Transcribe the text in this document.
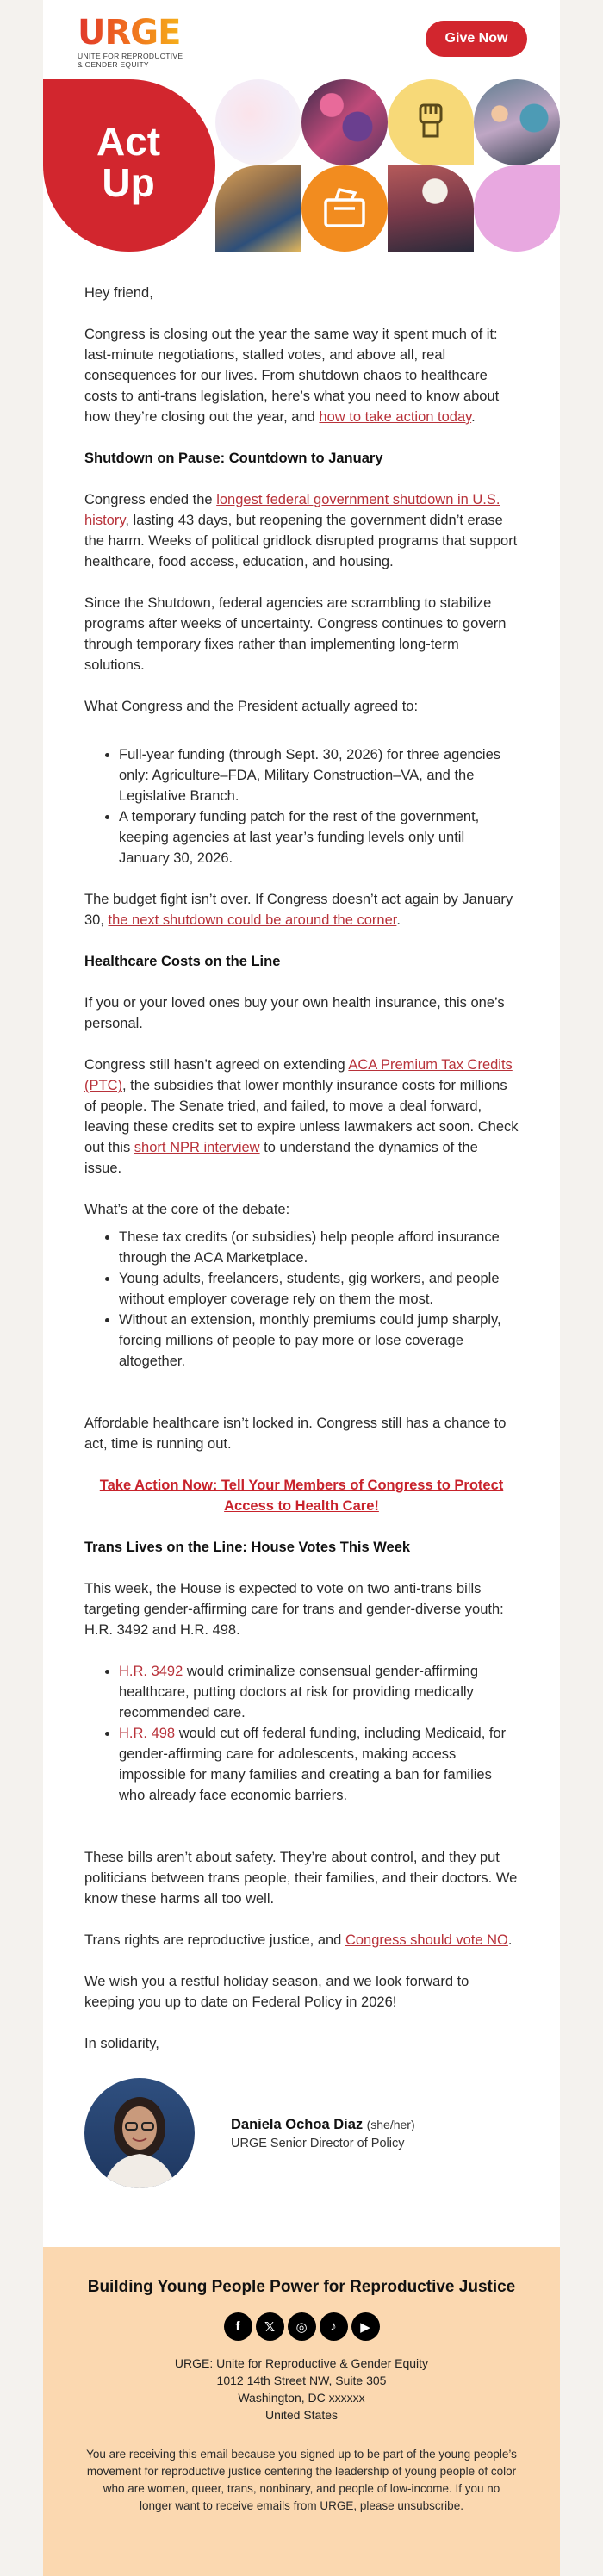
URGE
UNITE FOR REPRODUCTIVE
& GENDER EQUITY
Give Now
Act
Up
Hey friend,
Congress is closing out the year the same way it spent much of it: last-minute negotiations, stalled votes, and above all, real consequences for our lives. From shutdown chaos to healthcare costs to anti-trans legislation, here’s what you need to know about how they’re closing out the year, and how to take action today.
Shutdown on Pause: Countdown to January
Congress ended the longest federal government shutdown in U.S. history, lasting 43 days, but reopening the government didn’t erase the harm. Weeks of political gridlock disrupted programs that support healthcare, food access, education, and housing.
Since the Shutdown, federal agencies are scrambling to stabilize programs after weeks of uncertainty. Congress continues to govern through temporary fixes rather than implementing long-term solutions.
What Congress and the President actually agreed to:
• Full-year funding (through Sept. 30, 2026) for three agencies only: Agriculture–FDA, Military Construction–VA, and the Legislative Branch.
• A temporary funding patch for the rest of the government, keeping agencies at last year’s funding levels only until January 30, 2026.
The budget fight isn’t over. If Congress doesn’t act again by January 30, the next shutdown could be around the corner.
Healthcare Costs on the Line
If you or your loved ones buy your own health insurance, this one’s personal.
Congress still hasn’t agreed on extending ACA Premium Tax Credits (PTC), the subsidies that lower monthly insurance costs for millions of people. The Senate tried, and failed, to move a deal forward, leaving these credits set to expire unless lawmakers act soon. Check out this short NPR interview to understand the dynamics of the issue.
What’s at the core of the debate:
• These tax credits (or subsidies) help people afford insurance through the ACA Marketplace.
• Young adults, freelancers, students, gig workers, and people without employer coverage rely on them the most.
• Without an extension, monthly premiums could jump sharply, forcing millions of people to pay more or lose coverage altogether.
Affordable healthcare isn’t locked in. Congress still has a chance to act, time is running out.
Take Action Now: Tell Your Members of Congress to Protect Access to Health Care!
Trans Lives on the Line: House Votes This Week
This week, the House is expected to vote on two anti-trans bills targeting gender-affirming care for trans and gender-diverse youth: H.R. 3492 and H.R. 498.
• H.R. 3492 would criminalize consensual gender-affirming healthcare, putting doctors at risk for providing medically recommended care.
• H.R. 498 would cut off federal funding, including Medicaid, for gender-affirming care for adolescents, making access impossible for many families and creating a ban for families who already face economic barriers.
These bills aren’t about safety. They’re about control, and they put politicians between trans people, their families, and their doctors. We know these harms all too well.
Trans rights are reproductive justice, and Congress should vote NO.
We wish you a restful holiday season, and we look forward to keeping you up to date on Federal Policy in 2026!
In solidarity,
Daniela Ochoa Diaz (she/her)
URGE Senior Director of Policy
Building Young People Power for Reproductive Justice
f	𝕏	◎	♪	▶
URGE: Unite for Reproductive & Gender Equity
1012 14th Street NW, Suite 305
Washington, DC xxxxxx
United States
You are receiving this email because you signed up to be part of the young people’s movement for reproductive justice centering the leadership of young people of color who are women, queer, trans, nonbinary, and people of low-income. If you no longer want to receive emails from URGE, please unsubscribe.
